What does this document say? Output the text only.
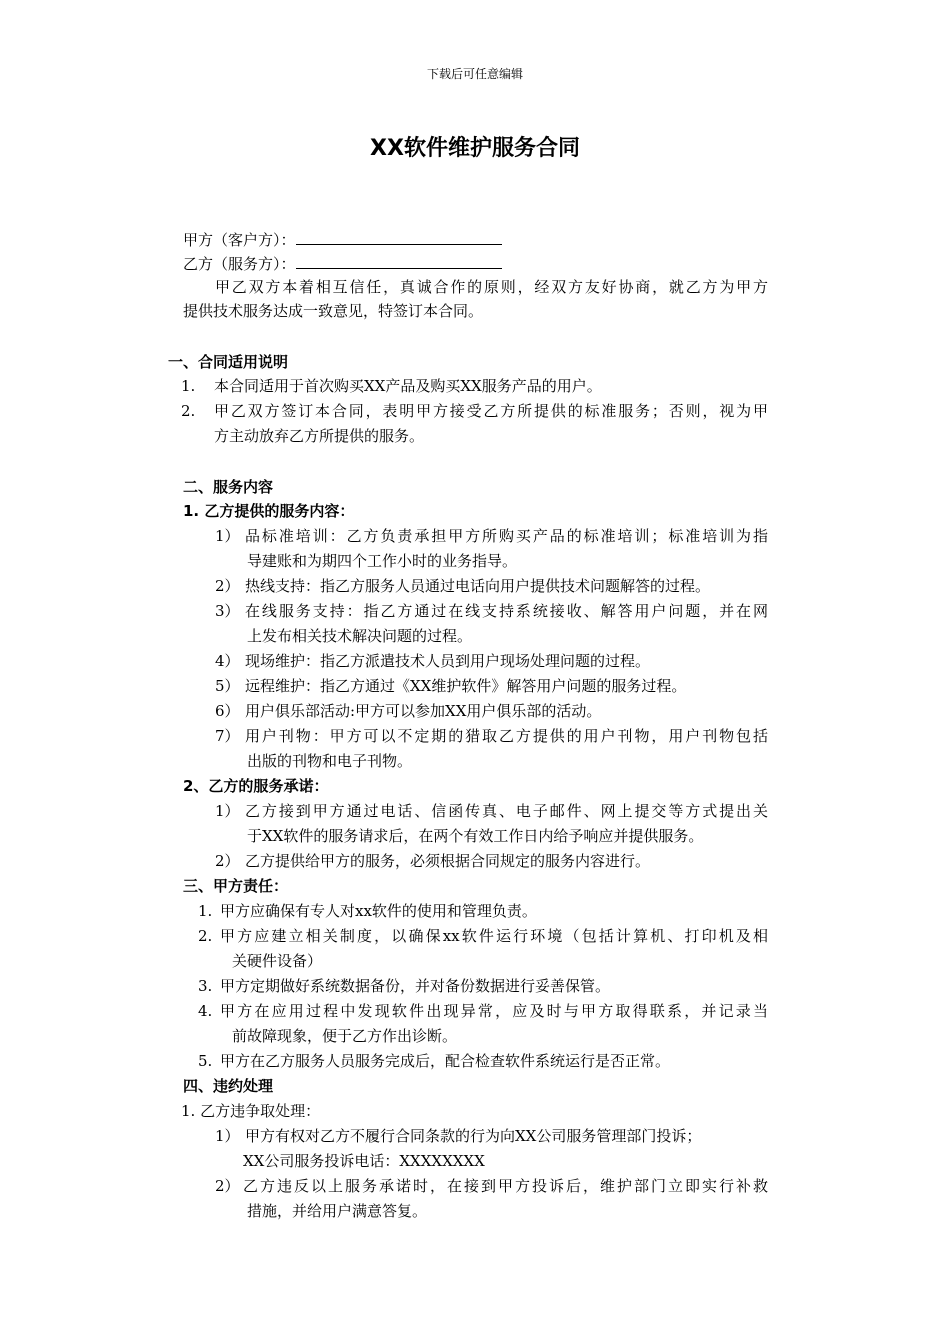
下载后可任意编辑
XX软件维护服务合同
甲方（客户方）：
乙方（服务方）：
甲乙双方本着相互信任，真诚合作的原则，经双方友好协商，就乙方为甲方
提供技术服务达成一致意见，特签订本合同。
一、合同适用说明
1. 本合同适用于首次购买XX产品及购买XX服务产品的用户。
2. 甲乙双方签订本合同，表明甲方接受乙方所提供的标准服务；否则，视为甲
方主动放弃乙方所提供的服务。
二、服务内容
1. 乙方提供的服务内容：
1） 品标准培训：乙方负责承担甲方所购买产品的标准培训；标准培训为指
导建账和为期四个工作小时的业务指导。
2） 热线支持：指乙方服务人员通过电话向用户提供技术问题解答的过程。
3） 在线服务支持：指乙方通过在线支持系统接收、解答用户问题，并在网
上发布相关技术解决问题的过程。
4） 现场维护：指乙方派遣技术人员到用户现场处理问题的过程。
5） 远程维护：指乙方通过《XX维护软件》解答用户问题的服务过程。
6） 用户俱乐部活动:甲方可以参加XX用户俱乐部的活动。
7） 用户刊物：甲方可以不定期的猎取乙方提供的用户刊物，用户刊物包括
出版的刊物和电子刊物。
2、乙方的服务承诺：
1） 乙方接到甲方通过电话、信函传真、电子邮件、网上提交等方式提出关
于XX软件的服务请求后，在两个有效工作日内给予响应并提供服务。
2） 乙方提供给甲方的服务，必须根据合同规定的服务内容进行。
三、甲方责任：
1. 甲方应确保有专人对xx软件的使用和管理负责。
2. 甲方应建立相关制度，以确保xx软件运行环境（包括计算机、打印机及相
关硬件设备）
3. 甲方定期做好系统数据备份，并对备份数据进行妥善保管。
4. 甲方在应用过程中发现软件出现异常，应及时与甲方取得联系，并记录当
前故障现象，便于乙方作出诊断。
5. 甲方在乙方服务人员服务完成后，配合检查软件系统运行是否正常。
四、违约处理
1. 乙方违争取处理：
1） 甲方有权对乙方不履行合同条款的行为向XX公司服务管理部门投诉；
XX公司服务投诉电话：XXXXXXXX
2） 乙方违反以上服务承诺时，在接到甲方投诉后，维护部门立即实行补救
措施，并给用户满意答复。
